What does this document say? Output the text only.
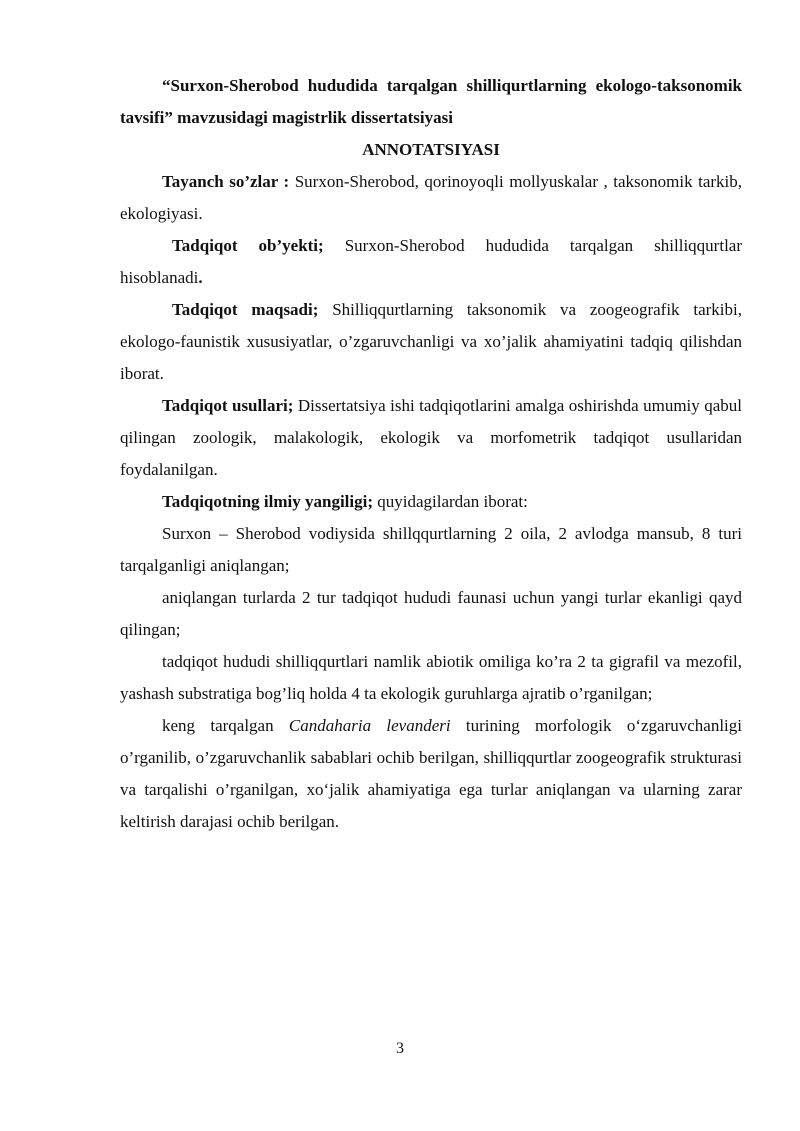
“Surxon-Sherobod hududida tarqalgan shilliqurtlarning ekologo-taksonomik tavsifi” mavzusidagi magistrlik dissertatsiyasi

ANNOTATSIYASI

Tayanch so’zlar : Surxon-Sherobod, qorinoyoqli mollyuskalar , taksonomik tarkib, ekologiyasi.

Tadqiqot ob’yekti; Surxon-Sherobod hududida tarqalgan shilliqqurtlar hisoblanadi.

Tadqiqot maqsadi; Shilliqqurtlarning taksonomik va zoogeografik tarkibi, ekologo-faunistik xususiyatlar, o’zgaruvchanligi va xo’jalik ahamiyatini tadqiq qilishdan iborat.

Tadqiqot usullari; Dissertatsiya ishi tadqiqotlarini amalga oshirishda umumiy qabul qilingan zoologik, malakologik, ekologik va morfometrik tadqiqot usullaridan foydalanilgan.

Tadqiqotning ilmiy yangiligi; quyidagilardan iborat:

Surxon – Sherobod vodiysida shillqqurtlarning 2 oila, 2 avlodga mansub, 8 turi tarqalganligi aniqlangan;

aniqlangan turlarda 2 tur tadqiqot hududi faunasi uchun yangi turlar ekanligi qayd qilingan;

tadqiqot hududi shilliqqurtlari namlik abiotik omiliga ko’ra 2 ta gigrafil va mezofil, yashash substratiga bog’liq holda 4 ta ekologik guruhlarga ajratib o’rganilgan;

keng tarqalgan Candaharia levanderi turining morfologik o‘zgaruvchanligi o’rganilib, o’zgaruvchanlik sabablari ochib berilgan, shilliqqurtlar zoogeografik strukturasi va tarqalishi o’rganilgan, xo‘jalik ahamiyatiga ega turlar aniqlangan va ularning zarar keltirish darajasi ochib berilgan.

3
